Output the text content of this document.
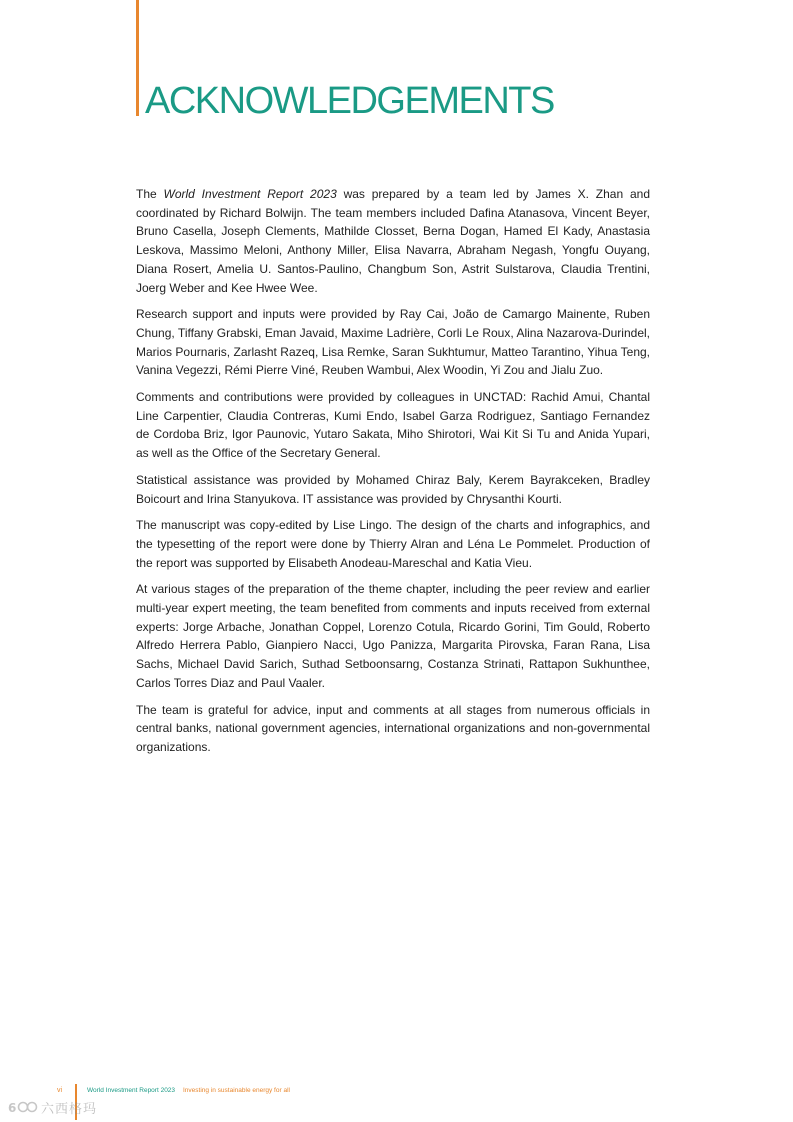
ACKNOWLEDGEMENTS

The World Investment Report 2023 was prepared by a team led by James X. Zhan and coordinated by Richard Bolwijn. The team members included Dafina Atanasova, Vincent Beyer, Bruno Casella, Joseph Clements, Mathilde Closset, Berna Dogan, Hamed El Kady, Anastasia Leskova, Massimo Meloni, Anthony Miller, Elisa Navarra, Abraham Negash, Yongfu Ouyang, Diana Rosert, Amelia U. Santos-Paulino, Changbum Son, Astrit Sulstarova, Claudia Trentini, Joerg Weber and Kee Hwee Wee.

Research support and inputs were provided by Ray Cai, João de Camargo Mainente, Ruben Chung, Tiffany Grabski, Eman Javaid, Maxime Ladrière, Corli Le Roux, Alina Nazarova-Durindel, Marios Pournaris, Zarlasht Razeq, Lisa Remke, Saran Sukhtumur, Matteo Tarantino, Yihua Teng, Vanina Vegezzi, Rémi Pierre Viné, Reuben Wambui, Alex Woodin, Yi Zou and Jialu Zuo.

Comments and contributions were provided by colleagues in UNCTAD: Rachid Amui, Chantal Line Carpentier, Claudia Contreras, Kumi Endo, Isabel Garza Rodriguez, Santiago Fernandez de Cordoba Briz, Igor Paunovic, Yutaro Sakata, Miho Shirotori, Wai Kit Si Tu and Anida Yupari, as well as the Office of the Secretary General.

Statistical assistance was provided by Mohamed Chiraz Baly, Kerem Bayrakceken, Bradley Boicourt and Irina Stanyukova. IT assistance was provided by Chrysanthi Kourti.

The manuscript was copy-edited by Lise Lingo. The design of the charts and infographics, and the typesetting of the report were done by Thierry Alran and Léna Le Pommelet. Production of the report was supported by Elisabeth Anodeau-Mareschal and Katia Vieu.

At various stages of the preparation of the theme chapter, including the peer review and earlier multi-year expert meeting, the team benefited from comments and inputs received from external experts: Jorge Arbache, Jonathan Coppel, Lorenzo Cotula, Ricardo Gorini, Tim Gould, Roberto Alfredo Herrera Pablo, Gianpiero Nacci, Ugo Panizza, Margarita Pirovska, Faran Rana, Lisa Sachs, Michael David Sarich, Suthad Setboonsarng, Costanza Strinati, Rattapon Sukhunthee, Carlos Torres Diaz and Paul Vaaler.

The team is grateful for advice, input and comments at all stages from numerous officials in central banks, national government agencies, international organizations and non-governmental organizations.

vi	World Investment Report 2023 Investing in sustainable energy for all
6 六西格玛
